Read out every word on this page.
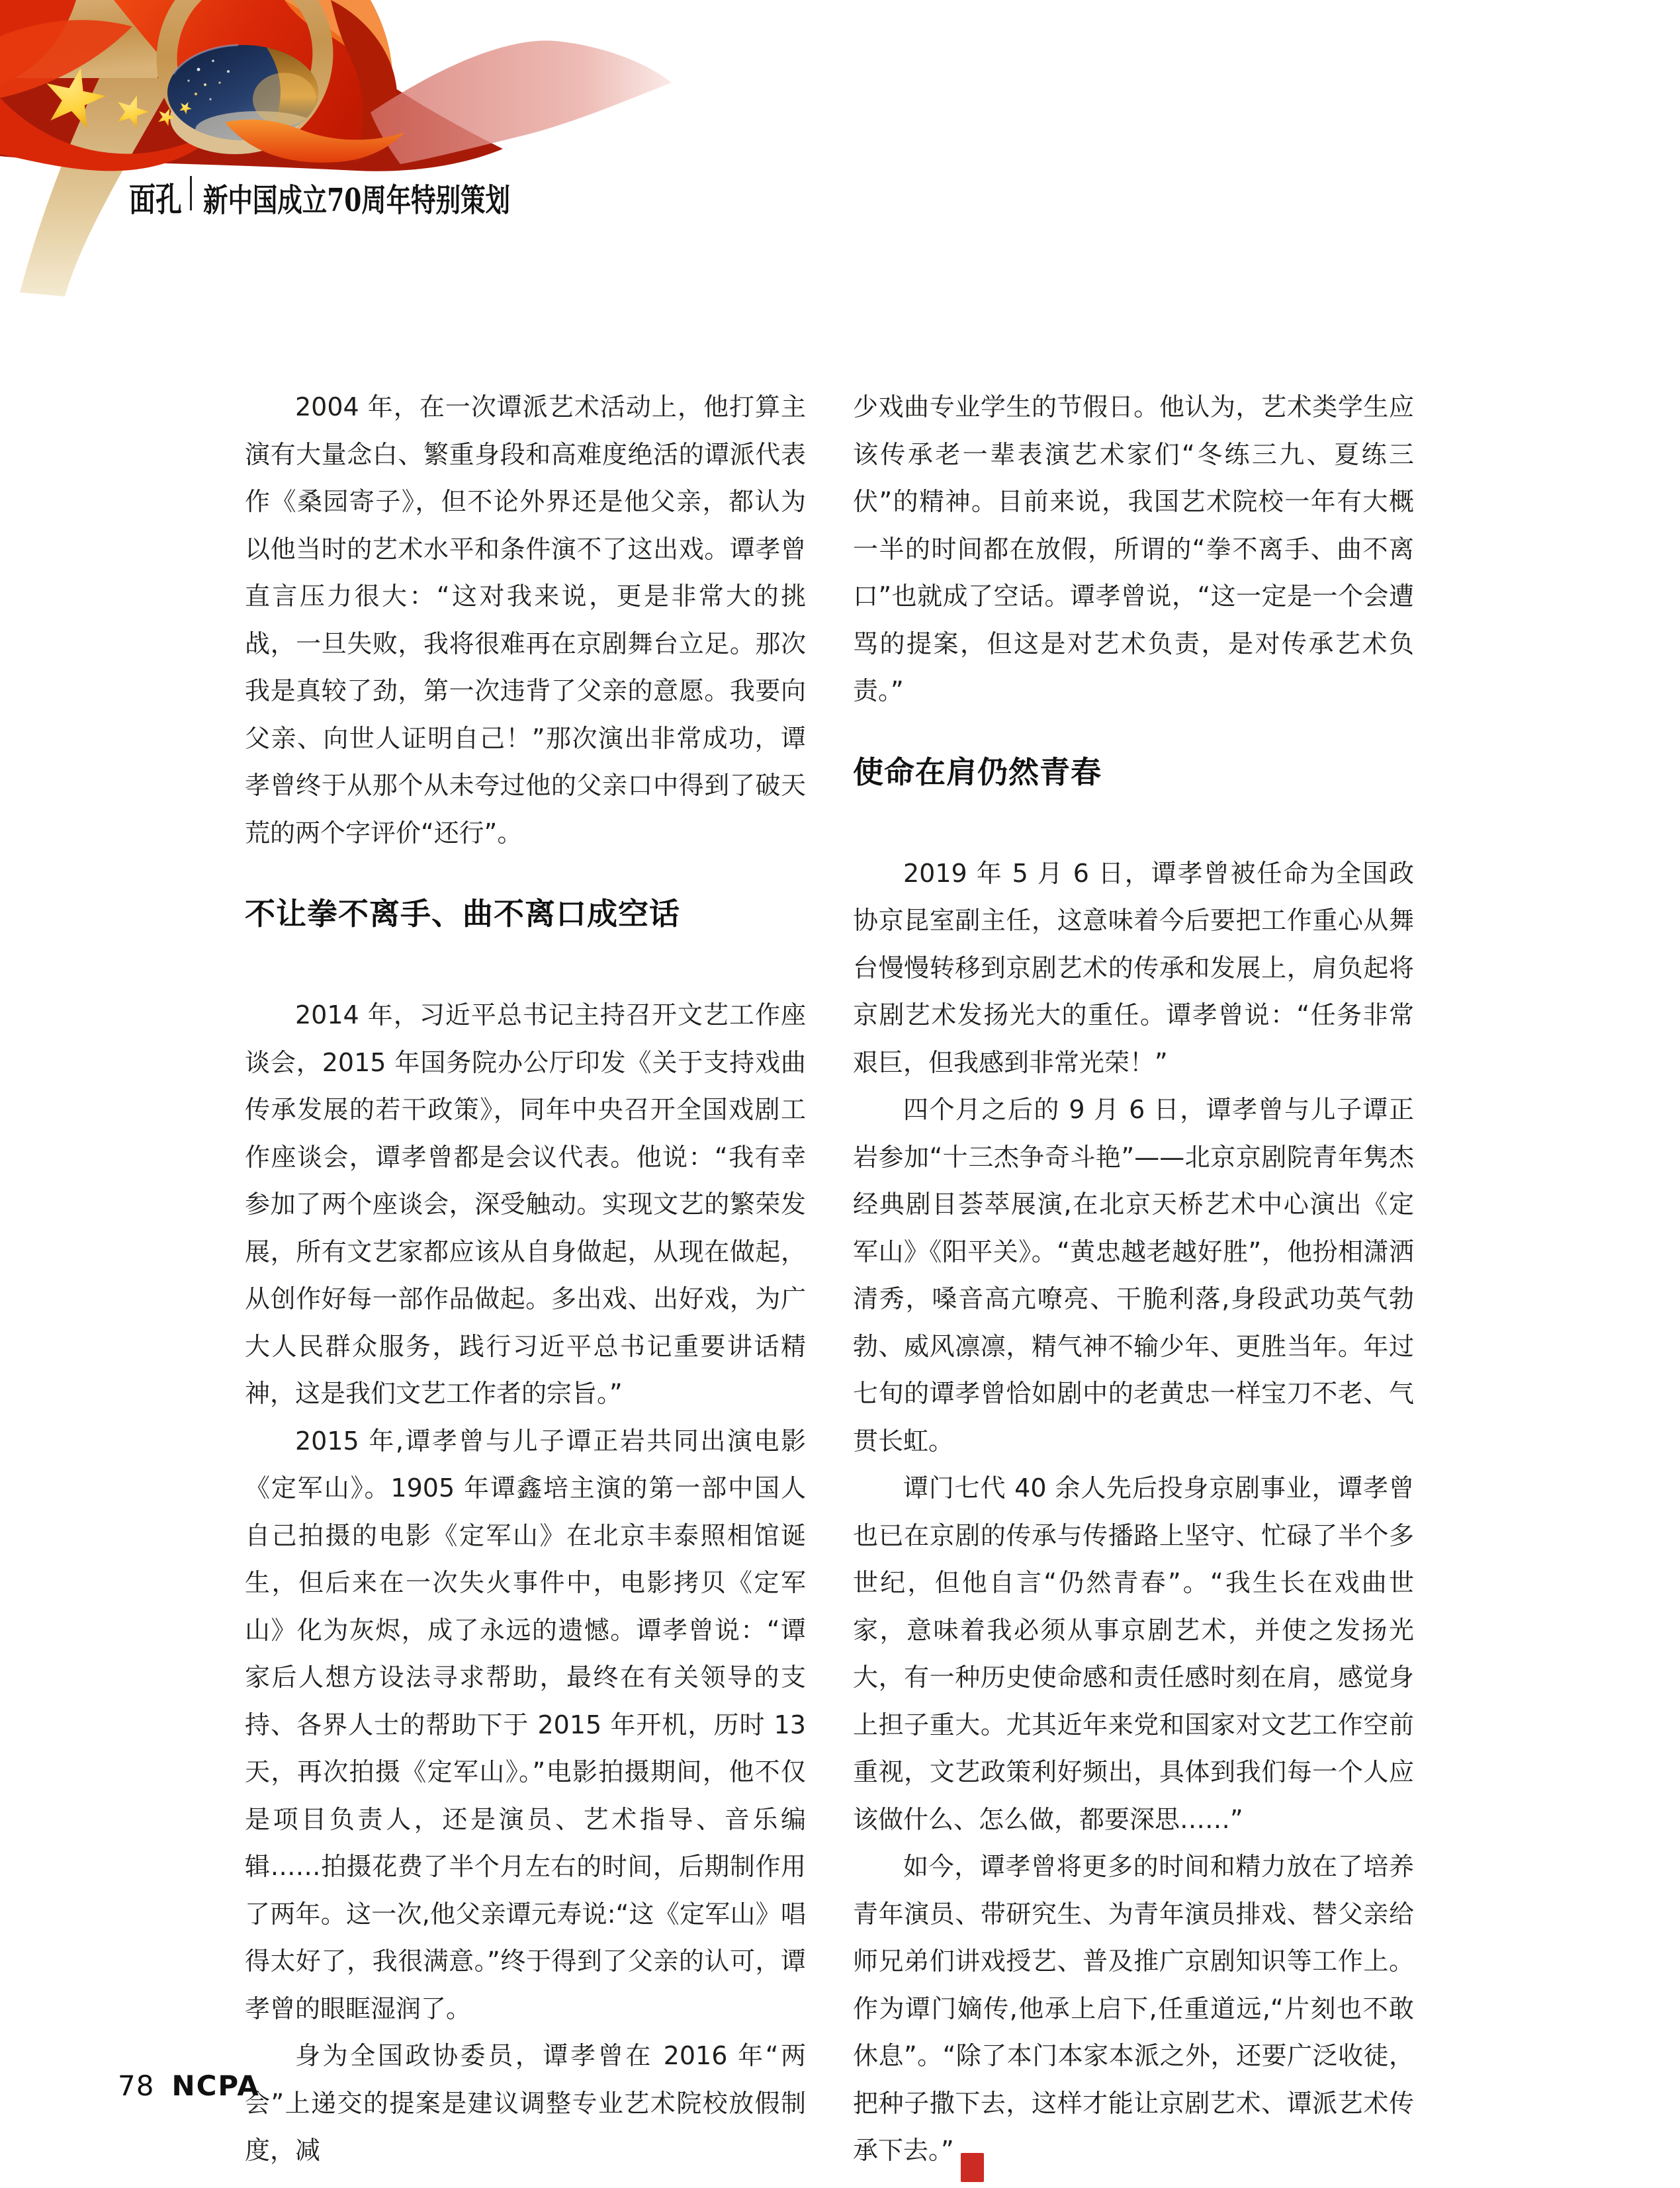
面孔 新中国成立70周年特别策划

2004 年，在一次谭派艺术活动上，他打算主演有大量念白、繁重身段和高难度绝活的谭派代表作《桑园寄子》，但不论外界还是他父亲，都认为以他当时的艺术水平和条件演不了这出戏。谭孝曾直言压力很大：“这对我来说，更是非常大的挑战，一旦失败，我将很难再在京剧舞台立足。那次我是真较了劲，第一次违背了父亲的意愿。我要向父亲、向世人证明自己！”那次演出非常成功，谭孝曾终于从那个从未夸过他的父亲口中得到了破天荒的两个字评价“还行”。

不让拳不离手、曲不离口成空话

2014 年，习近平总书记主持召开文艺工作座谈会，2015 年国务院办公厅印发《关于支持戏曲传承发展的若干政策》，同年中央召开全国戏剧工作座谈会，谭孝曾都是会议代表。他说：“我有幸参加了两个座谈会，深受触动。实现文艺的繁荣发展，所有文艺家都应该从自身做起，从现在做起，从创作好每一部作品做起。多出戏、出好戏，为广大人民群众服务，践行习近平总书记重要讲话精神，这是我们文艺工作者的宗旨。”

2015 年,谭孝曾与儿子谭正岩共同出演电影《定军山》。1905 年谭鑫培主演的第一部中国人自己拍摄的电影《定军山》在北京丰泰照相馆诞生，但后来在一次失火事件中，电影拷贝《定军山》化为灰烬，成了永远的遗憾。谭孝曾说：“谭家后人想方设法寻求帮助，最终在有关领导的支持、各界人士的帮助下于 2015 年开机，历时 13 天，再次拍摄《定军山》。”电影拍摄期间，他不仅是项目负责人，还是演员、艺术指导、音乐编辑……拍摄花费了半个月左右的时间，后期制作用了两年。这一次,他父亲谭元寿说:“这《定军山》唱得太好了，我很满意。”终于得到了父亲的认可，谭孝曾的眼眶湿润了。

身为全国政协委员，谭孝曾在 2016 年“两会”上递交的提案是建议调整专业艺术院校放假制度，减

少戏曲专业学生的节假日。他认为，艺术类学生应该传承老一辈表演艺术家们“冬练三九、夏练三伏”的精神。目前来说，我国艺术院校一年有大概一半的时间都在放假，所谓的“拳不离手、曲不离口”也就成了空话。谭孝曾说，“这一定是一个会遭骂的提案，但这是对艺术负责，是对传承艺术负责。”

使命在肩仍然青春

2019 年 5 月 6 日，谭孝曾被任命为全国政协京昆室副主任，这意味着今后要把工作重心从舞台慢慢转移到京剧艺术的传承和发展上，肩负起将京剧艺术发扬光大的重任。谭孝曾说：“任务非常艰巨，但我感到非常光荣！”

四个月之后的 9 月 6 日，谭孝曾与儿子谭正岩参加“十三杰争奇斗艳”——北京京剧院青年隽杰经典剧目荟萃展演,在北京天桥艺术中心演出《定军山》《阳平关》。“黄忠越老越好胜”，他扮相潇洒清秀，嗓音高亢嘹亮、干脆利落,身段武功英气勃勃、威风凛凛，精气神不输少年、更胜当年。年过七旬的谭孝曾恰如剧中的老黄忠一样宝刀不老、气贯长虹。

谭门七代 40 余人先后投身京剧事业，谭孝曾也已在京剧的传承与传播路上坚守、忙碌了半个多世纪，但他自言“仍然青春”。“我生长在戏曲世家，意味着我必须从事京剧艺术，并使之发扬光大，有一种历史使命感和责任感时刻在肩，感觉身上担子重大。尤其近年来党和国家对文艺工作空前重视，文艺政策利好频出，具体到我们每一个人应该做什么、怎么做，都要深思……”

如今，谭孝曾将更多的时间和精力放在了培养青年演员、带研究生、为青年演员排戏、替父亲给师兄弟们讲戏授艺、普及推广京剧知识等工作上。作为谭门嫡传,他承上启下,任重道远,“片刻也不敢休息”。“除了本门本家本派之外，还要广泛收徒，把种子撒下去，这样才能让京剧艺术、谭派艺术传承下去。”	NC
PA

78 NCPA
